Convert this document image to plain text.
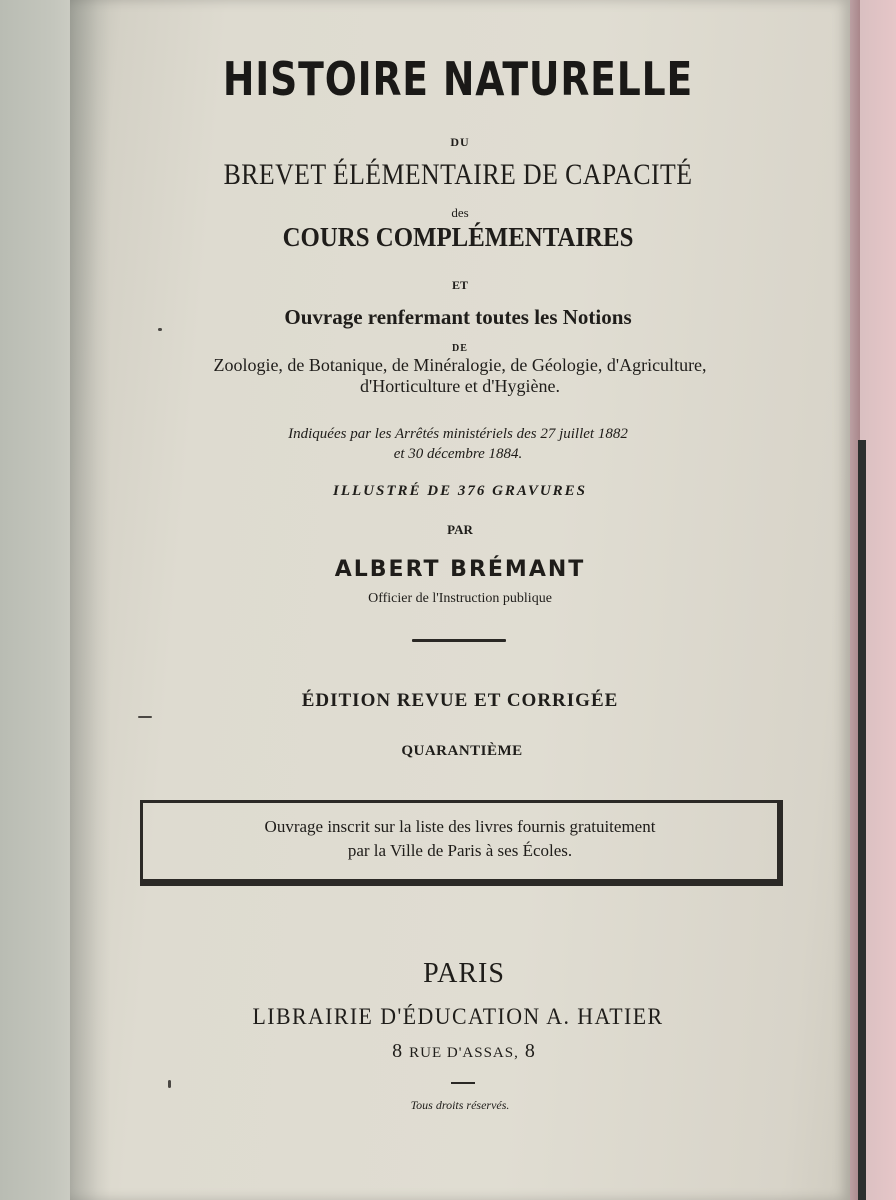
HISTOIRE NATURELLE
DU
BREVET ÉLÉMENTAIRE DE CAPACITÉ
des
COURS COMPLÉMENTAIRES
ET
Ouvrage renfermant toutes les Notions
DE
Zoologie, de Botanique, de Minéralogie, de Géologie, d'Agriculture,
d'Horticulture et d'Hygiène.
Indiquées par les Arrêtés ministériels des 27 juillet 1882
et 30 décembre 1884.
ILLUSTRÉ DE 376 GRAVURES
PAR
ALBERT BRÉMANT
Officier de l'Instruction publique
ÉDITION REVUE ET CORRIGÉE
QUARANTIÈME
Ouvrage inscrit sur la liste des livres fournis gratuitement
par la Ville de Paris à ses Écoles.
PARIS
LIBRAIRIE D'ÉDUCATION A. HATIER
8 RUE D'ASSAS, 8
Tous droits réservés.
